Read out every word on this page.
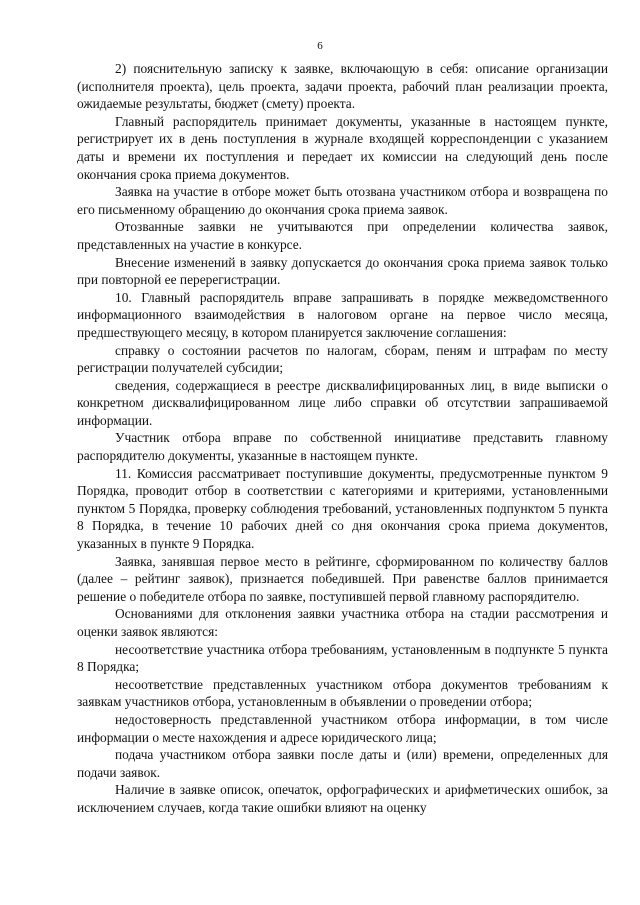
6

2) пояснительную записку к заявке, включающую в себя: описание организации (исполнителя проекта), цель проекта, задачи проекта, рабочий план реализации проекта, ожидаемые результаты, бюджет (смету) проекта.

Главный распорядитель принимает документы, указанные в настоящем пункте, регистрирует их в день поступления в журнале входящей корреспонденции с указанием даты и времени их поступления и передает их комиссии на следующий день после окончания срока приема документов.

Заявка на участие в отборе может быть отозвана участником отбора и возвращена по его письменному обращению до окончания срока приема заявок.

Отозванные заявки не учитываются при определении количества заявок, представленных на участие в конкурсе.

Внесение изменений в заявку допускается до окончания срока приема заявок только при повторной ее перерегистрации.

10. Главный распорядитель вправе запрашивать в порядке межведомственного информационного взаимодействия в налоговом органе на первое число месяца, предшествующего месяцу, в котором планируется заключение соглашения:

справку о состоянии расчетов по налогам, сборам, пеням и штрафам по месту регистрации получателей субсидии;

сведения, содержащиеся в реестре дисквалифицированных лиц, в виде выписки о конкретном дисквалифицированном лице либо справки об отсутствии запрашиваемой информации.

Участник отбора вправе по собственной инициативе представить главному распорядителю документы, указанные в настоящем пункте.

11. Комиссия рассматривает поступившие документы, предусмотренные пунктом 9 Порядка, проводит отбор в соответствии с категориями и критериями, установленными пунктом 5 Порядка, проверку соблюдения требований, установленных подпунктом 5 пункта 8 Порядка, в течение 10 рабочих дней со дня окончания срока приема документов, указанных в пункте 9 Порядка.

Заявка, занявшая первое место в рейтинге, сформированном по количеству баллов (далее – рейтинг заявок), признается победившей. При равенстве баллов принимается решение о победителе отбора по заявке, поступившей первой главному распорядителю.

Основаниями для отклонения заявки участника отбора на стадии рассмотрения и оценки заявок являются:

несоответствие участника отбора требованиям, установленным в подпункте 5 пункта 8 Порядка;

несоответствие представленных участником отбора документов требованиям к заявкам участников отбора, установленным в объявлении о проведении отбора;

недостоверность представленной участником отбора информации, в том числе информации о месте нахождения и адресе юридического лица;

подача участником отбора заявки после даты и (или) времени, определенных для подачи заявок.

Наличие в заявке описок, опечаток, орфографических и арифметических ошибок, за исключением случаев, когда такие ошибки влияют на оценку
